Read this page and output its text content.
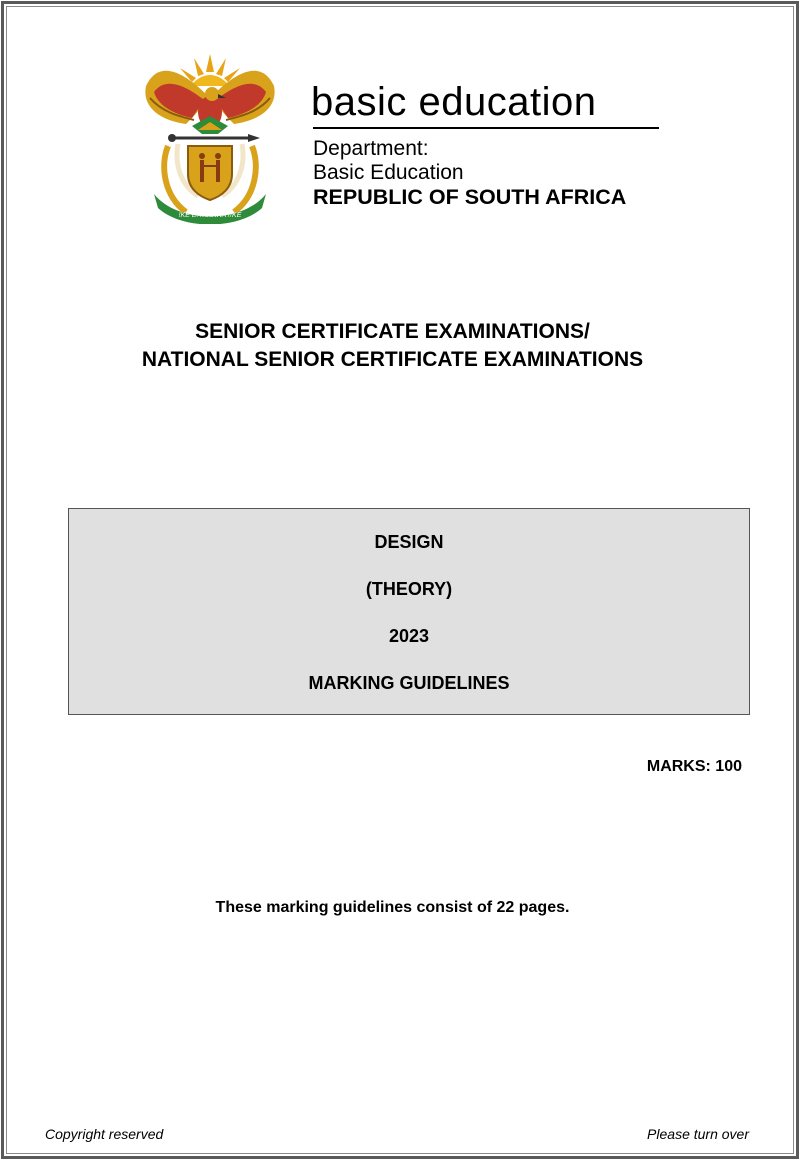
!KE E: /XARRA //KE
basic education
Department:
Basic Education
REPUBLIC OF SOUTH AFRICA
SENIOR CERTIFICATE EXAMINATIONS/
NATIONAL SENIOR CERTIFICATE EXAMINATIONS
DESIGN
(THEORY)
2023
MARKING GUIDELINES
MARKS: 100
These marking guidelines consist of 22 pages.
Copyright reserved	Please turn over
